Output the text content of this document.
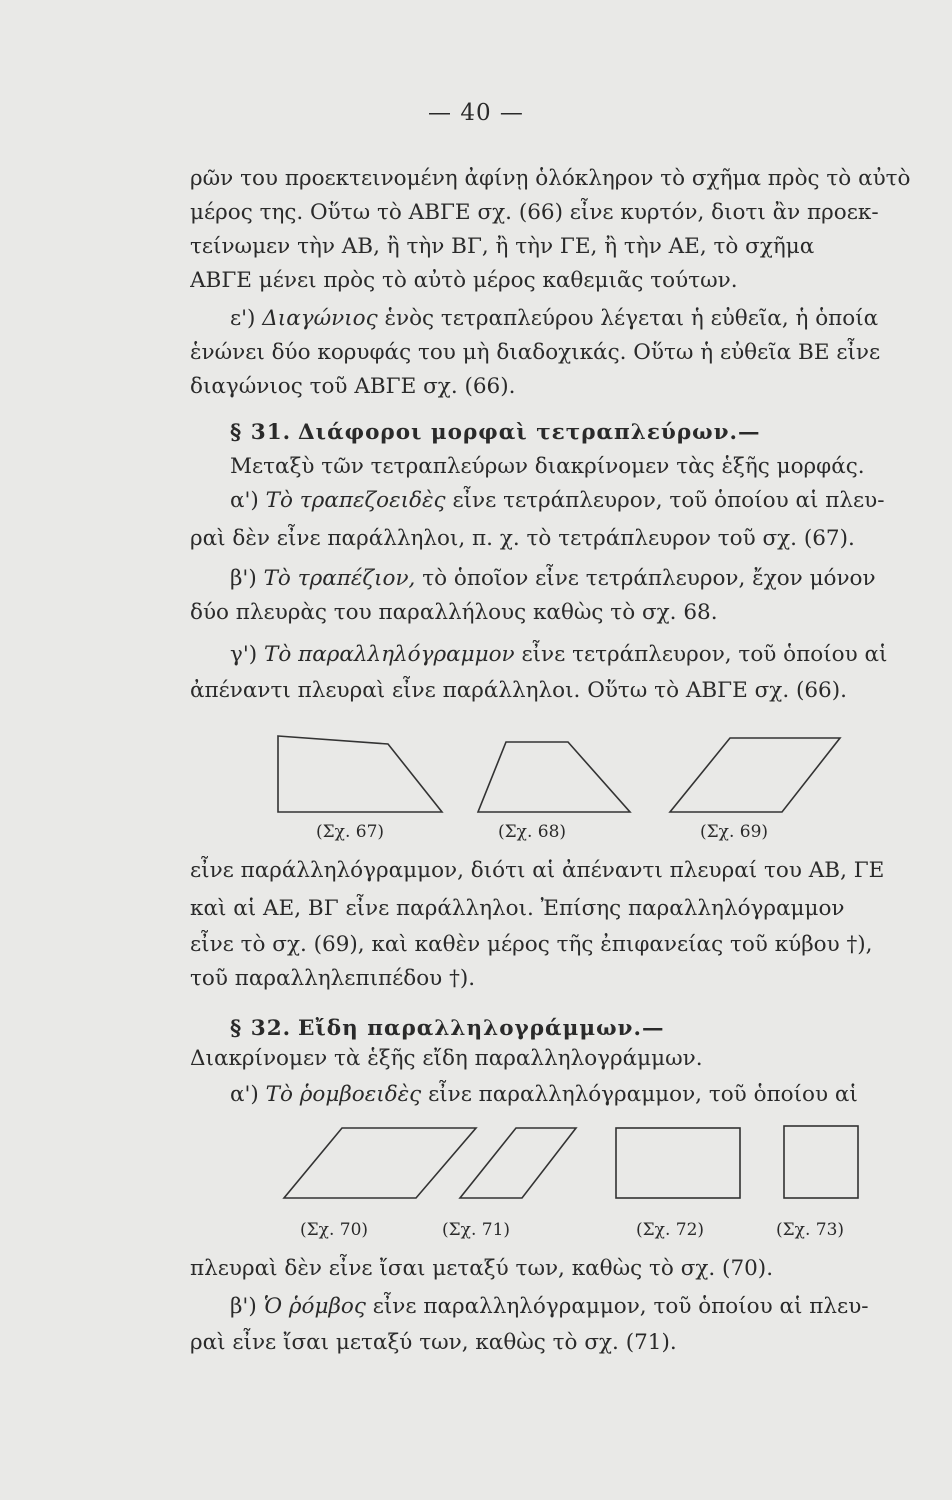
— 40 —
ρῶν του προεκτεινομένη ἀφίνῃ ὁλόκληρον τὸ σχῆμα πρὸς τὸ αὐτὸ
μέρος της. Οὕτω τὸ ΑΒΓΕ σχ. (66) εἶνε κυρτόν, διοτι ἂν προεκ-
τείνωμεν τὴν ΑΒ, ἢ τὴν ΒΓ, ἢ τὴν ΓΕ, ἢ τὴν ΑΕ, τὸ σχῆμα
ΑΒΓΕ μένει πρὸς τὸ αὐτὸ μέρος καθεμιᾶς τούτων.
ε') Διαγώνιος ἑνὸς τετραπλεύρου λέγεται ἡ εὐθεῖα, ἡ ὁποία
ἑνώνει δύο κορυφάς του μὴ διαδοχικάς. Οὕτω ἡ εὐθεῖα ΒΕ εἶνε
διαγώνιος τοῦ ΑΒΓΕ σχ. (66).
§ 31. Διάφοροι μορφαὶ τετραπλεύρων.—
Μεταξὺ τῶν τετραπλεύρων διακρίνομεν τὰς ἑξῆς μορφάς.
α') Τὸ τραπεζοειδὲς εἶνε τετράπλευρον, τοῦ ὁποίου αἱ πλευ-
ραὶ δὲν εἶνε παράλληλοι, π. χ. τὸ τετράπλευρον τοῦ σχ. (67).
β') Τὸ τραπέζιον, τὸ ὁποῖον εἶνε τετράπλευρον, ἔχον μόνον
δύο πλευρὰς του παραλλήλους καθὼς τὸ σχ. 68.
γ') Τὸ παραλληλόγραμμον εἶνε τετράπλευρον, τοῦ ὁποίου αἱ
ἀπέναντι πλευραὶ εἶνε παράλληλοι. Οὕτω τὸ ΑΒΓΕ σχ. (66).
(Σχ. 67)	(Σχ. 68)	(Σχ. 69)
εἶνε παράλληλόγραμμον, διότι αἱ ἀπέναντι πλευραί του ΑΒ, ΓΕ
καὶ αἱ ΑΕ, ΒΓ εἶνε παράλληλοι. Ἐπίσης παραλληλόγραμμον
εἶνε τὸ σχ. (69), καὶ καθὲν μέρος τῆς ἐπιφανείας τοῦ κύβου †),
τοῦ παραλληλεπιπέδου †).
§ 32. Εἴδη παραλληλογράμμων.—
Διακρίνομεν τὰ ἑξῆς εἴδη παραλληλογράμμων.
α') Τὸ ῥομβοειδὲς εἶνε παραλληλόγραμμον, τοῦ ὁποίου αἱ
(Σχ. 70)	(Σχ. 71)	(Σχ. 72)	(Σχ. 73)
πλευραὶ δὲν εἶνε ἴσαι μεταξύ των, καθὼς τὸ σχ. (70).
β') Ὁ ῥόμβος εἶνε παραλληλόγραμμον, τοῦ ὁποίου αἱ πλευ-
ραὶ εἶνε ἴσαι μεταξύ των, καθὼς τὸ σχ. (71).
